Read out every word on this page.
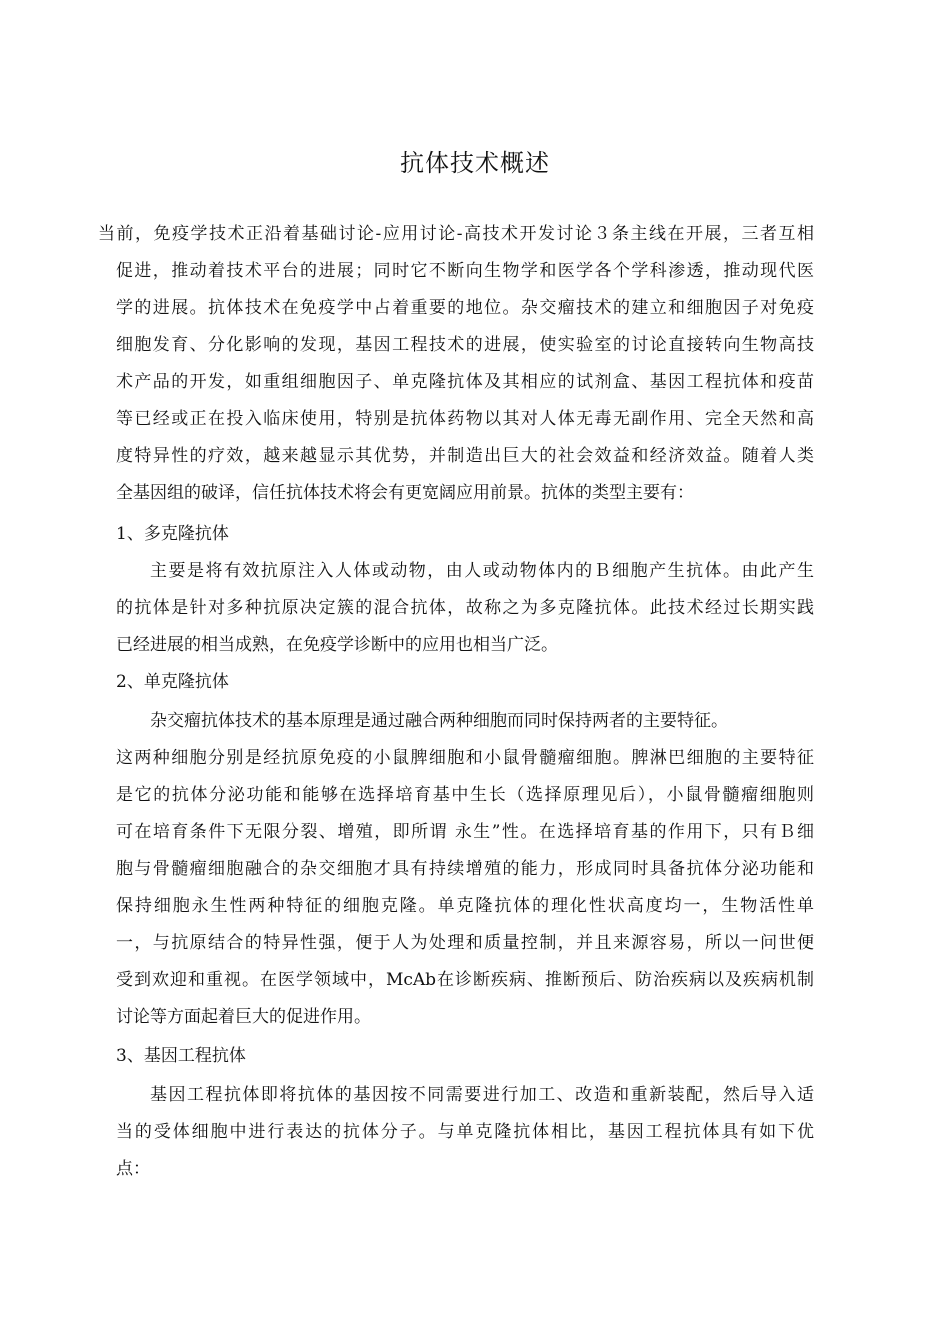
抗体技术概述
当前，免疫学技术正沿着基础讨论-应用讨论-高技术开发讨论３条主线在开展，三者互相
促进，推动着技术平台的进展；同时它不断向生物学和医学各个学科渗透，推动现代医
学的进展。抗体技术在免疫学中占着重要的地位。杂交瘤技术的建立和细胞因子对免疫
细胞发育、分化影响的发现，基因工程技术的进展，使实验室的讨论直接转向生物高技
术产品的开发，如重组细胞因子、单克隆抗体及其相应的试剂盒、基因工程抗体和疫苗
等已经或正在投入临床使用，特别是抗体药物以其对人体无毒无副作用、完全天然和高
度特异性的疗效，越来越显示其优势，并制造出巨大的社会效益和经济效益。随着人类
全基因组的破译，信任抗体技术将会有更宽阔应用前景。抗体的类型主要有：
1、多克隆抗体
主要是将有效抗原注入人体或动物，由人或动物体内的Ｂ细胞产生抗体。由此产生
的抗体是针对多种抗原决定簇的混合抗体，故称之为多克隆抗体。此技术经过长期实践
已经进展的相当成熟，在免疫学诊断中的应用也相当广泛。
2、单克隆抗体
杂交瘤抗体技术的基本原理是通过融合两种细胞而同时保持两者的主要特征。
这两种细胞分别是经抗原免疫的小鼠脾细胞和小鼠骨髓瘤细胞。脾淋巴细胞的主要特征
是它的抗体分泌功能和能够在选择培育基中生长（选择原理见后），小鼠骨髓瘤细胞则
可在培育条件下无限分裂、增殖，即所谓 永生”性。在选择培育基的作用下，只有Ｂ细
胞与骨髓瘤细胞融合的杂交细胞才具有持续增殖的能力，形成同时具备抗体分泌功能和
保持细胞永生性两种特征的细胞克隆。单克隆抗体的理化性状高度均一，生物活性单
一，与抗原结合的特异性强，便于人为处理和质量控制，并且来源容易，所以一问世便
受到欢迎和重视。在医学领域中，McAb在诊断疾病、推断预后、防治疾病以及疾病机制
讨论等方面起着巨大的促进作用。
3、基因工程抗体
基因工程抗体即将抗体的基因按不同需要进行加工、改造和重新装配，然后导入适
当的受体细胞中进行表达的抗体分子。与单克隆抗体相比，基因工程抗体具有如下优
点：
